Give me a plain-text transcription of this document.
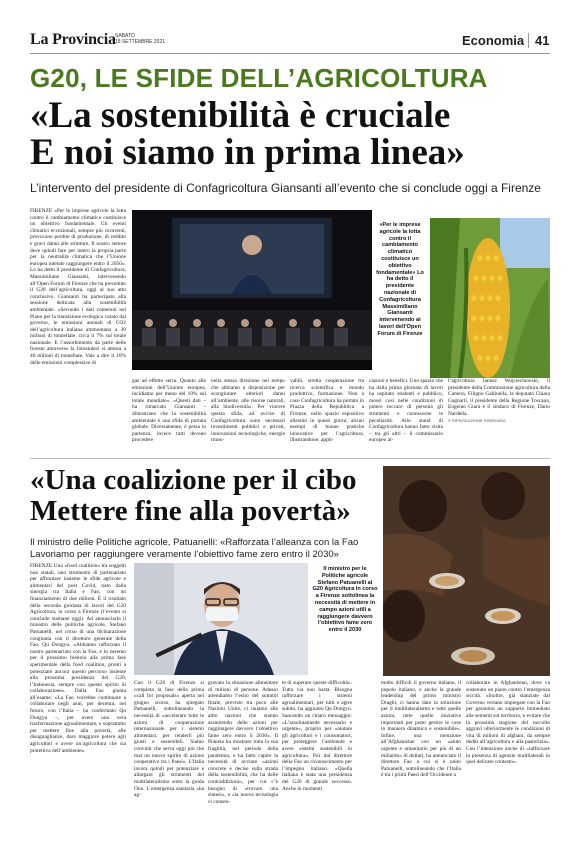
La Provincia SABATO
18 SETTEMBRE 2021	Economia 41
G20, LE SFIDE DELL’AGRICOLTURA
«La sostenibilità è cruciale
E noi siamo in prima linea»
L’intervento del presidente di Confagricoltura Giansanti all’evento che si conclude oggi a Firenze

FIRENZE «Per le imprese agricole la lotta contro il cambiamento climatico costituisce un obiettivo fondamentale. Gli eventi climatici eccezionali, sempre più ricorrenti, provocano perdite di produzione, di reddito e gravi danni alle strutture. Il nostro settore deve quindi fare per intero la propria parte per la neutralità climatica che l’Unione europea intende raggiungere entro il 2050». Lo ha detto il presidente di Confagricoltura, Massimiliano Giansanti, intervenendo all’Open Forum di Firenze che ha preceduto il G20 dell’agricoltura, oggi al suo atto conclusivo. Giansanti ha partecipato alla sessione dedicata alla sostenibilità ambientale. «Secondo i dati contenuti nel Piano per la transizione ecologica varato dal governo, le emissioni annuali di CO2 dell’agricoltura italiana ammontano a 30 milioni di tonnellate, circa il 7% sul totale nazionale. E l’assorbimento da parte delle foreste attraverso la fotosintesi si attesta a 40 milioni di tonnellate. Vale a dire il 10% delle emissioni complessive di

«Per le imprese agricole la lotta contro il cambiamento climatico costituisce un obiettivo fondamentale» Lo ha detto il presidente nazionale di Confagricoltura Massimiliano Giansanti intervenendo ai lavori dell’Open Forum di Firenze

gas ad effetto serra. Quanto alle emissioni dell’Unione europea, incidiamo per meno del 10% sul totale mondiale». «Questi dati – ha rimarcato Giansanti – dimostrano che la sostenibilità ambientale è una sfida di portata globale. Diversamente, è persa in partenza, invece tutti devono procedere

nella stessa direzione nel tempo che abbiamo a disposizione per scongiurare ulteriori danni all’ambiente, alle risorse naturali, alla biodiversità». Per vincere questa sfida, ad avviso di Confagricoltura sono necessari investimenti pubblici e privati, innovazioni tecnologiche, energie rinno-

vabili, stretta cooperazione tra ricerca scientifica e mondo produttivo, formazione. Non a caso Confagricoltura ha portato in Piazza della Repubblica a Firenze, nello spazio espositivo allestito in questi giorni, alcuni esempi di buone pratiche innovative per l’agricoltura, illustrandone: appli-

cazioni e benefici. Uno spazio che ha dalla prima giornata di lavori ha ospitato studenti e pubblico, mossi così nelle condizioni di potere toccare di persona gli strumenti e conoscerne le peculiarità. Allo stand di Confagricoltura hanno fatto visita – tra gli altri – il commissario europeo al-

l’agricoltura Janusz Wojciechowski, il presidente della Commissione agricoltura della Camera, Filippo Gallinella, la deputata Chiara Gagnarli, il presidente della Regione Toscana, Eugenio Giani e il sindaco di Firenze, Dario Nardella.

© RIPRODUZIONE RISERVATA
«Una coalizione per il cibo
Mettere fine alla povertà»
Il ministro delle Politiche agricole, Patuanelli: «Rafforzata l’alleanza con la Fao Lavoriamo per raggiungere veramente l’obiettivo fame zero entro il 2030»

FIRENZE Una «food coalition» tra soggetti non statali, uno strumento di partenariato per affrontare insieme le sfide agricole e alimentari del post Covid, nato dalla sinergia tra Italia e Fao, con un finanziamento di due milioni. È il risultato della seconda giornata di lavori del G20 Agricoltura, in corso a Firenze (l’evento si conclude stamane oggi). Ad annunciarlo il ministro delle politiche agricole, Stefano Patuanelli, nel corso di una dichiarazione congiunta con il direttore generale della Fao, Qu Dongyu. «Abbiamo rafforzato il nostro partenariato con la Fao, e lo neremo per il prossimo biennio alla prima fase sperimentale della food coalition, pronti a potenziare ancora questo percorso insieme alla prossima presidenza del G20, l’Indonesia, sempre con questo spirito di collaborazione». Dalla Fao giunta all’esame: «La Fao vorrebbe continuare a collaborare negli anni, per decenni, nel futuro, con l’Italia – ha confermato Qu Dongyu –, per avere una vera trasformazione agroalimentare, e soprattutto per mettere fine alla povertà, alle disuguaglianze, dare maggiore potere agli agricoltori e avere un’agricoltura che sia protettiva dell’ambiente».

Il ministro per le Politiche agricole Stefano Patuanelli al G20 Agricoltura in corso a Firenze sottolinea la necessità di mettere in campo azioni utili a raggiungere davvero l’obiettivo fame zero entro il 2030

Con il G20 di Firenze si completa la fase della prima «call for proposals» aperta nel giugno scorso, ha spiegato Patuanelli, sottolineando la necessità di «accelerare tutte le azioni di cooperazione internazionale per i sistemi alimentari, per renderli più giusti e sostenibili. Siamo convinti che serva oggi più che mai un nuovo spirito di azione cooperativo tra i Paesi». L’Italia lavora quindi per potenziare e allargare gli strumenti del multilateralismo sotto la guida Onu. L’emergenza sanitaria «ha ag-

gravato la situazione alimentare di milioni di persone. Adesso attendiamo l’esito del summit finale, previsto tra poco alle Nazioni Unite, ci uniamo alle altre nazioni che stanno assumendo delle azioni per raggiungere davvero l’obiettivo fame zero entro il 2030». Il Pianeta ha mostrato tutta la sua fragilità, nel periodo della pandemia, e ha fatto capire la necessità di avviare «azioni concrete e decise sulla strada della sostenibilità, che ha delle contraddizioni», per cui c’è bisogno di «trovare una sintesi», e «la nuova tecnologia ci consen-

te di superare queste difficoltà». Tutta via non basta. Bisogna rafforzare i sistemi agroalimentari, per tutti e agire subito, ha aggiunto Qu Dongyu. Sancendo un chiaro messaggio: «L’assolutamente necessario e urgente», proprio per «aiutare gli agricoltori e i consumatori, per proteggere l’ambiente e avere sistemi sostenibili in agricoltura». Poi dal direttore della Fao un riconoscimento per l’impegno italiano. «Quella italiana è stata una presidenza del G20 di grande successo. Anche in momenti

molto difficili il governo italiano, il popolo italiano, e anche la grande leadership del primo ministro Draghi, ci hanno dato la soluzione per il multilateralismo e tutte quelle azioni, tutte quelle iniziative importanti per poter gestire le cose in maniera dinamica e sostenibile». Infine, una menzione all’Afghanistan con un «aiuto urgente e umanitario per più di un miliardo» di dollari, ha annunciato il direttore Fao a cui si è unito Patuanelli, sottolineando che l’Italia è tra i primi Paesi dell’Occidente a

collaborare in Afghanistan, dove va sostenuto un piano contro l’emergenza siccità. «Inoltre, già stanziate dal Governo vertano impiegate con la Fao per garantire un supporto immediato alle sementi sul territorio, e evitare che la prossima stagione del raccolto aggravi ulteriormente le condizioni di vita di milioni di afghani, da sempre dediti all’agricoltura e alla pastorizia». Con l’intenzione anche di «rafforzare la presenza di agenzie multilaterali in quel delicato contesto».
